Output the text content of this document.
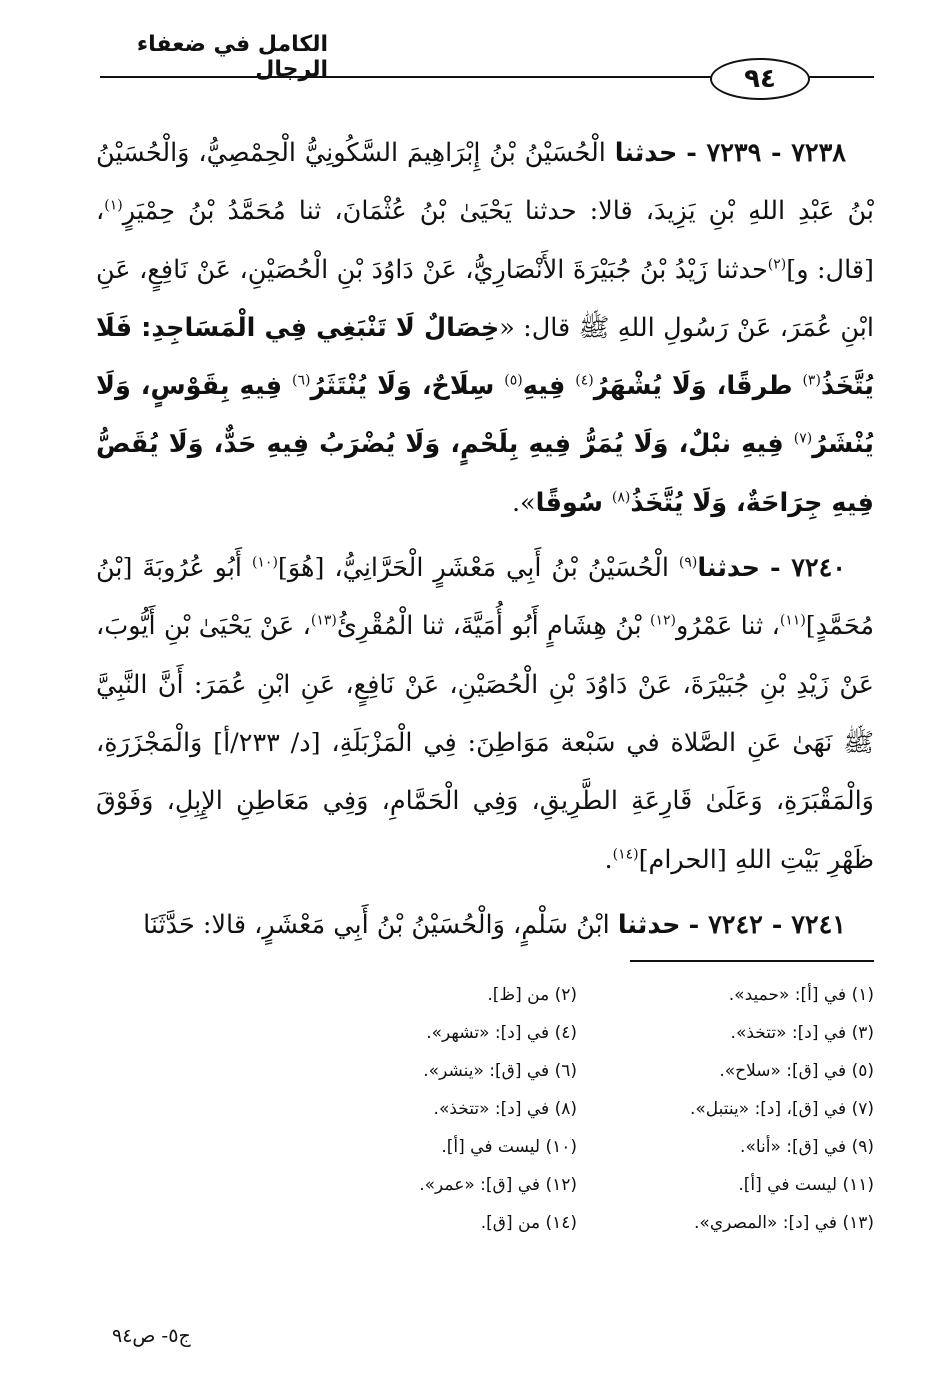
الكامل في ضعفاء الرجال	٩٤

٧٢٣٨ - ٧٢٣٩ - حدثنا الْحُسَيْنُ بْنُ إِبْرَاهِيمَ السَّكُونِيُّ الْحِمْصِيُّ، وَالْحُسَيْنُ بْنُ عَبْدِ اللهِ بْنِ يَزِيدَ، قالا: حدثنا يَحْيَىٰ بْنُ عُثْمَانَ، ثنا مُحَمَّدُ بْنُ حِمْيَرٍ$^{(١)}$، [قال: و]$^{(٢)}$حدثنا زَيْدُ بْنُ جُبَيْرَةَ الأَنْصَارِيُّ، عَنْ دَاوُدَ بْنِ الْحُصَيْنِ، عَنْ نَافِعٍ، عَنِ ابْنِ عُمَرَ، عَنْ رَسُولِ اللهِ ﷺ قال: «خِصَالٌ لَا تَنْبَغِي فِي الْمَسَاجِدِ: فَلَا يُتَّخَذُ$^{(٣)}$ طرقًا، وَلَا يُشْهَرُ$^{(٤)}$ فِيهِ$^{(٥)}$ سِلَاحٌ، وَلَا يُنْتَثَرُ$^{(٦)}$ فِيهِ بِقَوْسٍ، وَلَا يُنْشَرُ$^{(٧)}$ فِيهِ نبْلٌ، وَلَا يُمَرُّ فِيهِ بِلَحْمٍ، وَلَا يُضْرَبُ فِيهِ حَدٌّ، وَلَا يُقَصُّ فِيهِ جِرَاحَةٌ، وَلَا يُتَّخَذُ$^{(٨)}$ سُوقًا».

٧٢٤٠ - حدثنا$^{(٩)}$ الْحُسَيْنُ بْنُ أَبِي مَعْشَرٍ الْحَرَّانِيُّ، [هُوَ]$^{(١٠)}$ أَبُو عُرُوبَةَ [بْنُ مُحَمَّدٍ]$^{(١١)}$، ثنا عَمْرُو$^{(١٢)}$ بْنُ هِشَامٍ أَبُو أُمَيَّةَ، ثنا الْمُقْرِئُ$^{(١٣)}$، عَنْ يَحْيَىٰ بْنِ أَيُّوبَ، عَنْ زَيْدِ بْنِ جُبَيْرَةَ، عَنْ دَاوُدَ بْنِ الْحُصَيْنِ، عَنْ نَافِعٍ، عَنِ ابْنِ عُمَرَ: أَنَّ النَّبِيَّ ﷺ نَهَىٰ عَنِ الصَّلاة في سَبْعة مَوَاطِنَ: فِي الْمَزْبَلَةِ، [د/ ٢٣٣/أ] وَالْمَجْزَرَةِ، وَالْمَقْبَرَةِ، وَعَلَىٰ قَارِعَةِ الطَّرِيقِ، وَفِي الْحَمَّامِ، وَفِي مَعَاطِنِ الإِبِلِ، وَفَوْقَ ظَهْرِ بَيْتِ اللهِ [الحرام]$^{(١٤)}$.

٧٢٤١ - ٧٢٤٢ - حدثنا ابْنُ سَلْمٍ، وَالْحُسَيْنُ بْنُ أَبِي مَعْشَرٍ، قالا: حَدَّثَنَا

(١) في [أ]: «حميد».
(٢) من [ظ].
(٣) في [د]: «تتخذ».
(٤) في [د]: «تشهر».
(٥) في [ق]: «سلاح».
(٦) في [ق]: «ينشر».
(٧) في [ق]، [د]: «ينتبل».
(٨) في [د]: «تتخذ».
(٩) في [ق]: «أنا».
(١٠) ليست في [أ].
(١١) ليست في [أ].
(١٢) في [ق]: «عمر».
(١٣) في [د]: «المصري».
(١٤) من [ق].
ج٥- ص٩٤
